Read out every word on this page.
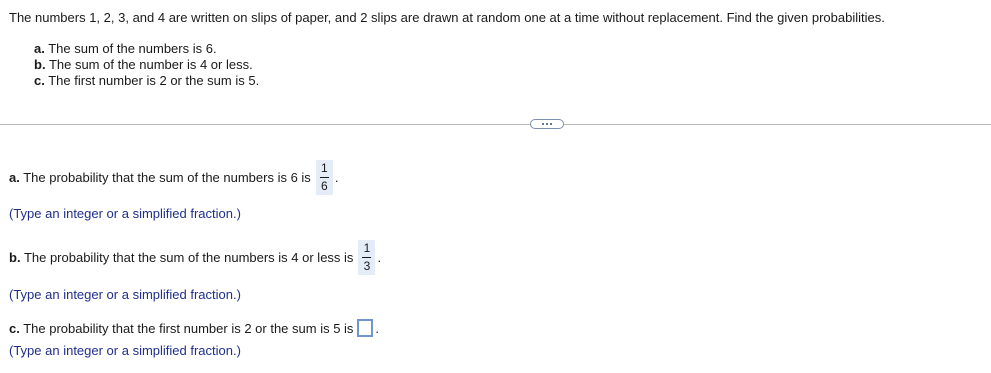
The numbers 1, 2, 3, and 4 are written on slips of paper, and 2 slips are drawn at random one at a time without replacement. Find the given probabilities.
a. The sum of the numbers is 6.
b. The sum of the number is 4 or less.
c. The first number is 2 or the sum is 5.
a. The probability that the sum of the numbers is 6 is $\frac{1}{6}$ .
(Type an integer or a simplified fraction.)
b. The probability that the sum of the numbers is 4 or less is $\frac{1}{3}$ .
(Type an integer or a simplified fraction.)
c. The probability that the first number is 2 or the sum is 5 is .
(Type an integer or a simplified fraction.)
